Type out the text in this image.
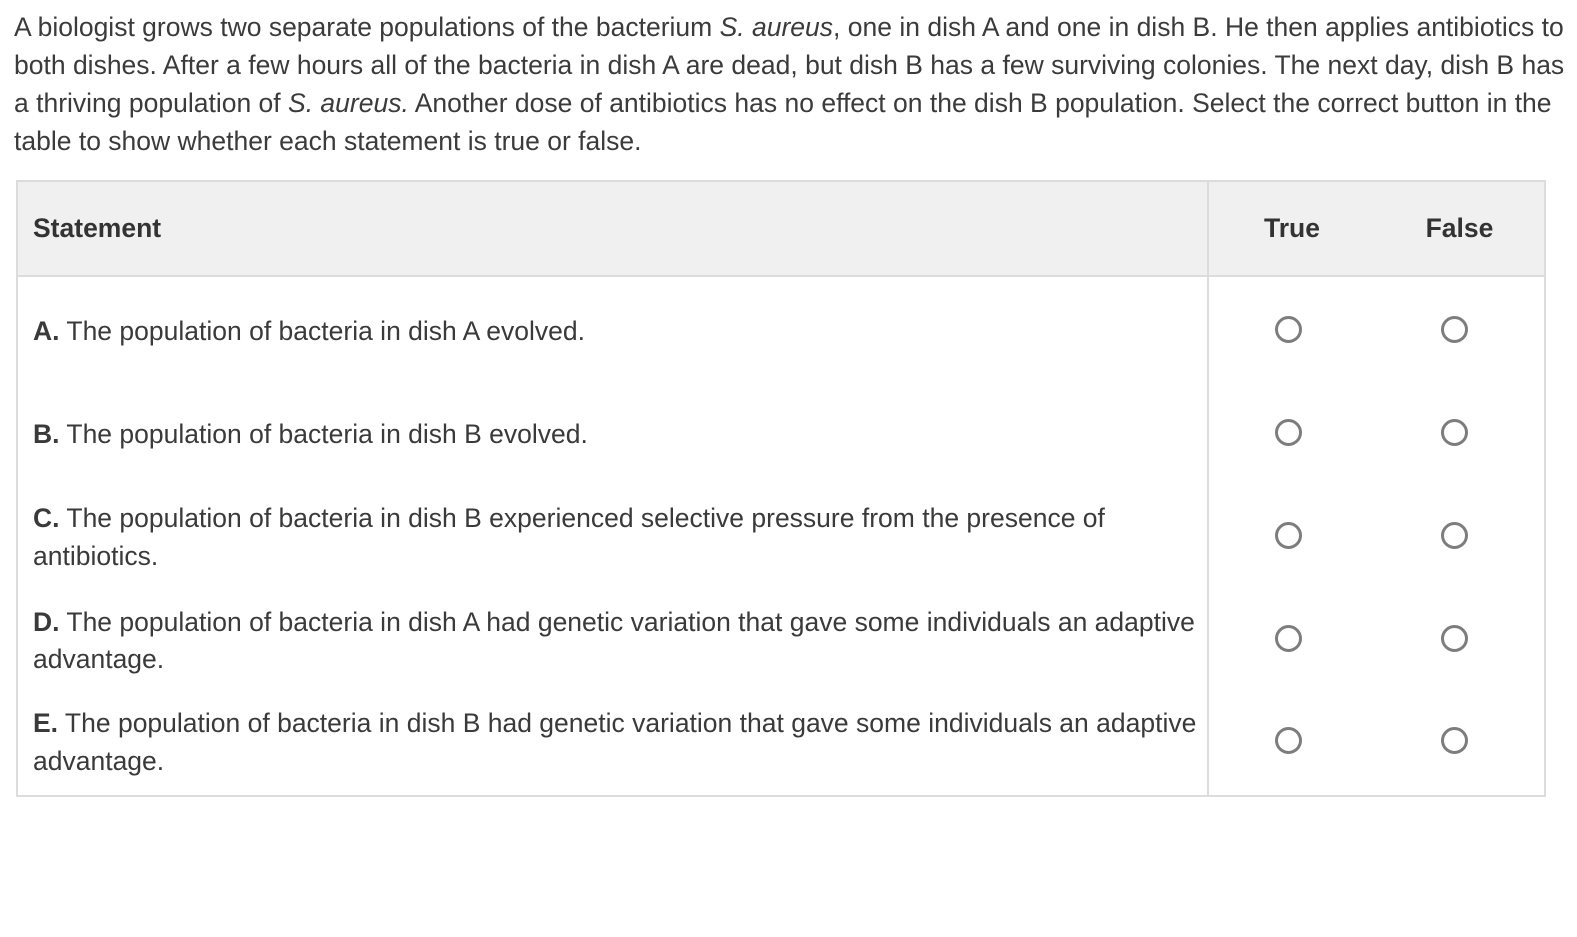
A biologist grows two separate populations of the bacterium S. aureus, one in dish A and one in dish B. He then applies antibiotics to both dishes. After a few hours all of the bacteria in dish A are dead, but dish B has a few surviving colonies. The next day, dish B has a thriving population of S. aureus. Another dose of antibiotics has no effect on the dish B population. Select the correct button in the table to show whether each statement is true or false.

Statement	True	False
A. The population of bacteria in dish A evolved.		
B. The population of bacteria in dish B evolved.		
C. The population of bacteria in dish B experienced selective pressure from the presence of antibiotics.		
D. The population of bacteria in dish A had genetic variation that gave some individuals an adaptive advantage.		
E. The population of bacteria in dish B had genetic variation that gave some individuals an adaptive advantage.		
